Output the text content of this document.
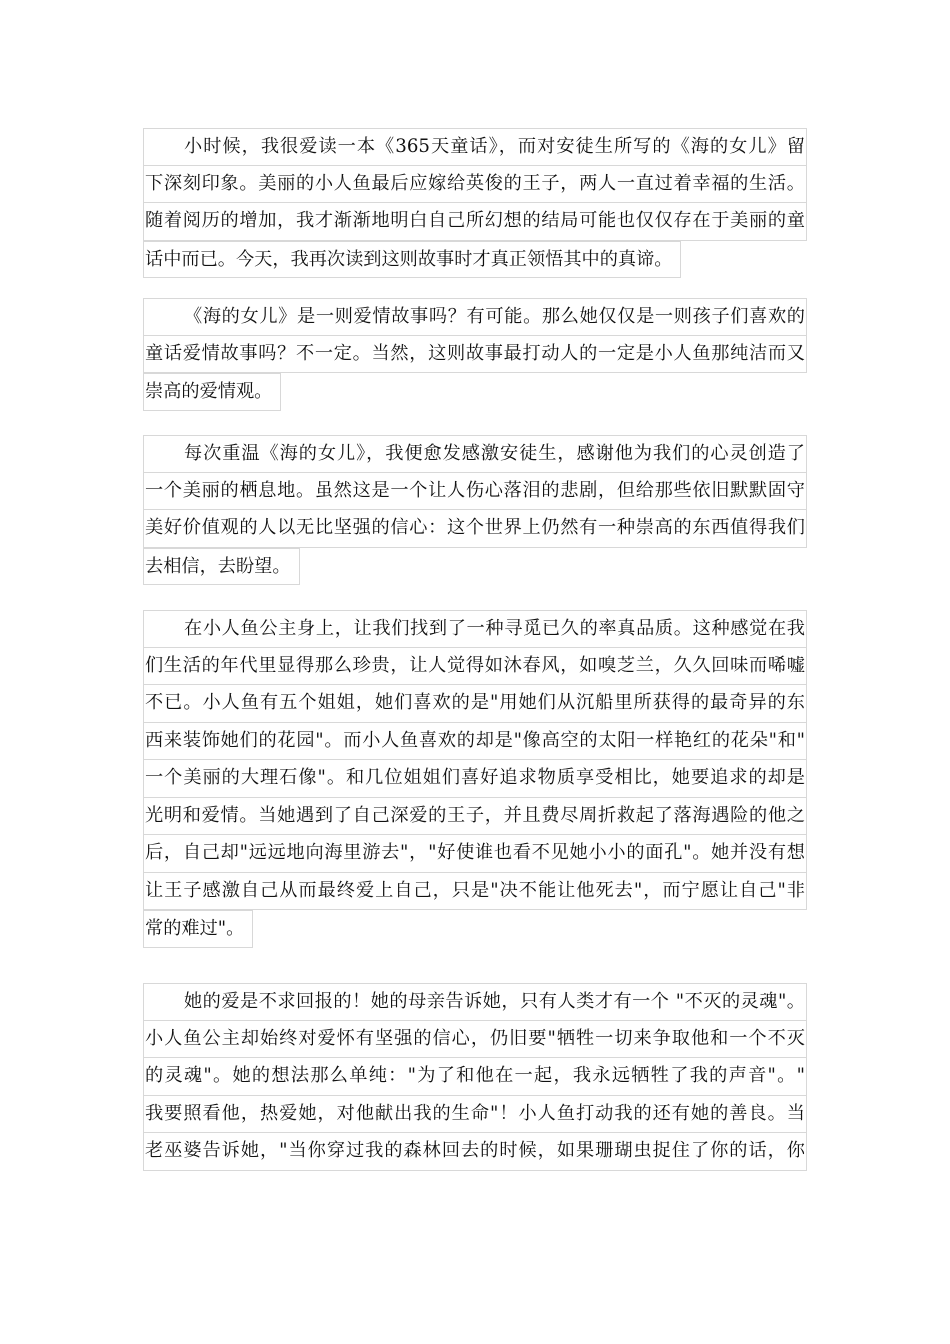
小时候，我很爱读一本《365天童话》，而对安徒生所写的《海的女儿》留
下深刻印象。美丽的小人鱼最后应嫁给英俊的王子，两人一直过着幸福的生活。
随着阅历的增加，我才渐渐地明白自己所幻想的结局可能也仅仅存在于美丽的童
话中而已。今天，我再次读到这则故事时才真正领悟其中的真谛。
《海的女儿》是一则爱情故事吗？有可能。那么她仅仅是一则孩子们喜欢的
童话爱情故事吗？不一定。当然，这则故事最打动人的一定是小人鱼那纯洁而又
崇高的爱情观。
每次重温《海的女儿》，我便愈发感激安徒生，感谢他为我们的心灵创造了
一个美丽的栖息地。虽然这是一个让人伤心落泪的悲剧，但给那些依旧默默固守
美好价值观的人以无比坚强的信心：这个世界上仍然有一种崇高的东西值得我们
去相信，去盼望。
在小人鱼公主身上，让我们找到了一种寻觅已久的率真品质。这种感觉在我
们生活的年代里显得那么珍贵，让人觉得如沐春风，如嗅芝兰，久久回味而唏嘘
不已。小人鱼有五个姐姐，她们喜欢的是"用她们从沉船里所获得的最奇异的东
西来装饰她们的花园"。而小人鱼喜欢的却是"像高空的太阳一样艳红的花朵"和"
一个美丽的大理石像"。和几位姐姐们喜好追求物质享受相比，她要追求的却是
光明和爱情。当她遇到了自己深爱的王子，并且费尽周折救起了落海遇险的他之
后，自己却"远远地向海里游去"，"好使谁也看不见她小小的面孔"。她并没有想
让王子感激自己从而最终爱上自己，只是"决不能让他死去"，而宁愿让自己"非
常的难过"。
她的爱是不求回报的！她的母亲告诉她，只有人类才有一个 "不灭的灵魂"。
小人鱼公主却始终对爱怀有坚强的信心，仍旧要"牺牲一切来争取他和一个不灭
的灵魂"。她的想法那么单纯："为了和他在一起，我永远牺牲了我的声音"。"
我要照看他，热爱她，对他献出我的生命"！小人鱼打动我的还有她的善良。当
老巫婆告诉她，"当你穿过我的森林回去的时候，如果珊瑚虫捉住了你的话，你
